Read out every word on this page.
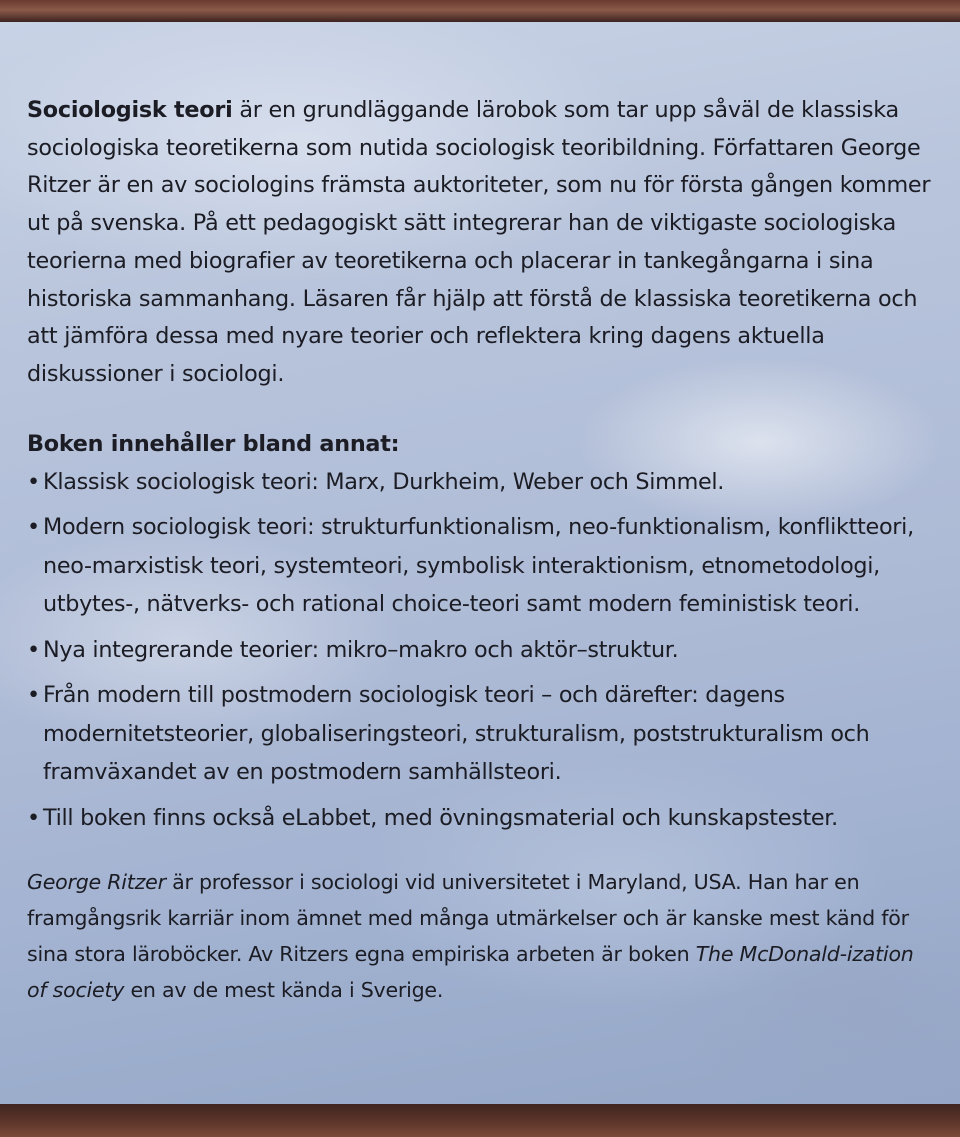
Sociologisk teori är en grundläggande lärobok som tar upp såväl de klassiska sociologiska teoretikerna som nutida sociologisk teoribildning. Författaren George Ritzer är en av sociologins främsta auktoriteter, som nu för första gången kommer ut på svenska. På ett pedagogiskt sätt integrerar han de viktigaste sociologiska teorierna med biografier av teoretikerna och placerar in tankegångarna i sina historiska sammanhang. Läsaren får hjälp att förstå de klassiska teoretikerna och att jämföra dessa med nyare teorier och reflektera kring dagens aktuella diskussioner i sociologi.

Boken innehåller bland annat:
• Klassisk sociologisk teori: Marx, Durkheim, Weber och Simmel.
• Modern sociologisk teori: strukturfunktionalism, neo-funktionalism, konfliktteori, neo-marxistisk teori, systemteori, symbolisk interaktionism, etnometodologi, utbytes-, nätverks- och rational choice-teori samt modern feministisk teori.
• Nya integrerande teorier: mikro–makro och aktör–struktur.
• Från modern till postmodern sociologisk teori – och därefter: dagens modernitetsteorier, globaliseringsteori, strukturalism, poststrukturalism och framväxandet av en postmodern samhällsteori.
• Till boken finns också eLabbet, med övningsmaterial och kunskapstester.

George Ritzer är professor i sociologi vid universitetet i Maryland, USA. Han har en framgångsrik karriär inom ämnet med många utmärkelser och är kanske mest känd för sina stora läroböcker. Av Ritzers egna empiriska arbeten är boken The McDonald-ization of society en av de mest kända i Sverige.
